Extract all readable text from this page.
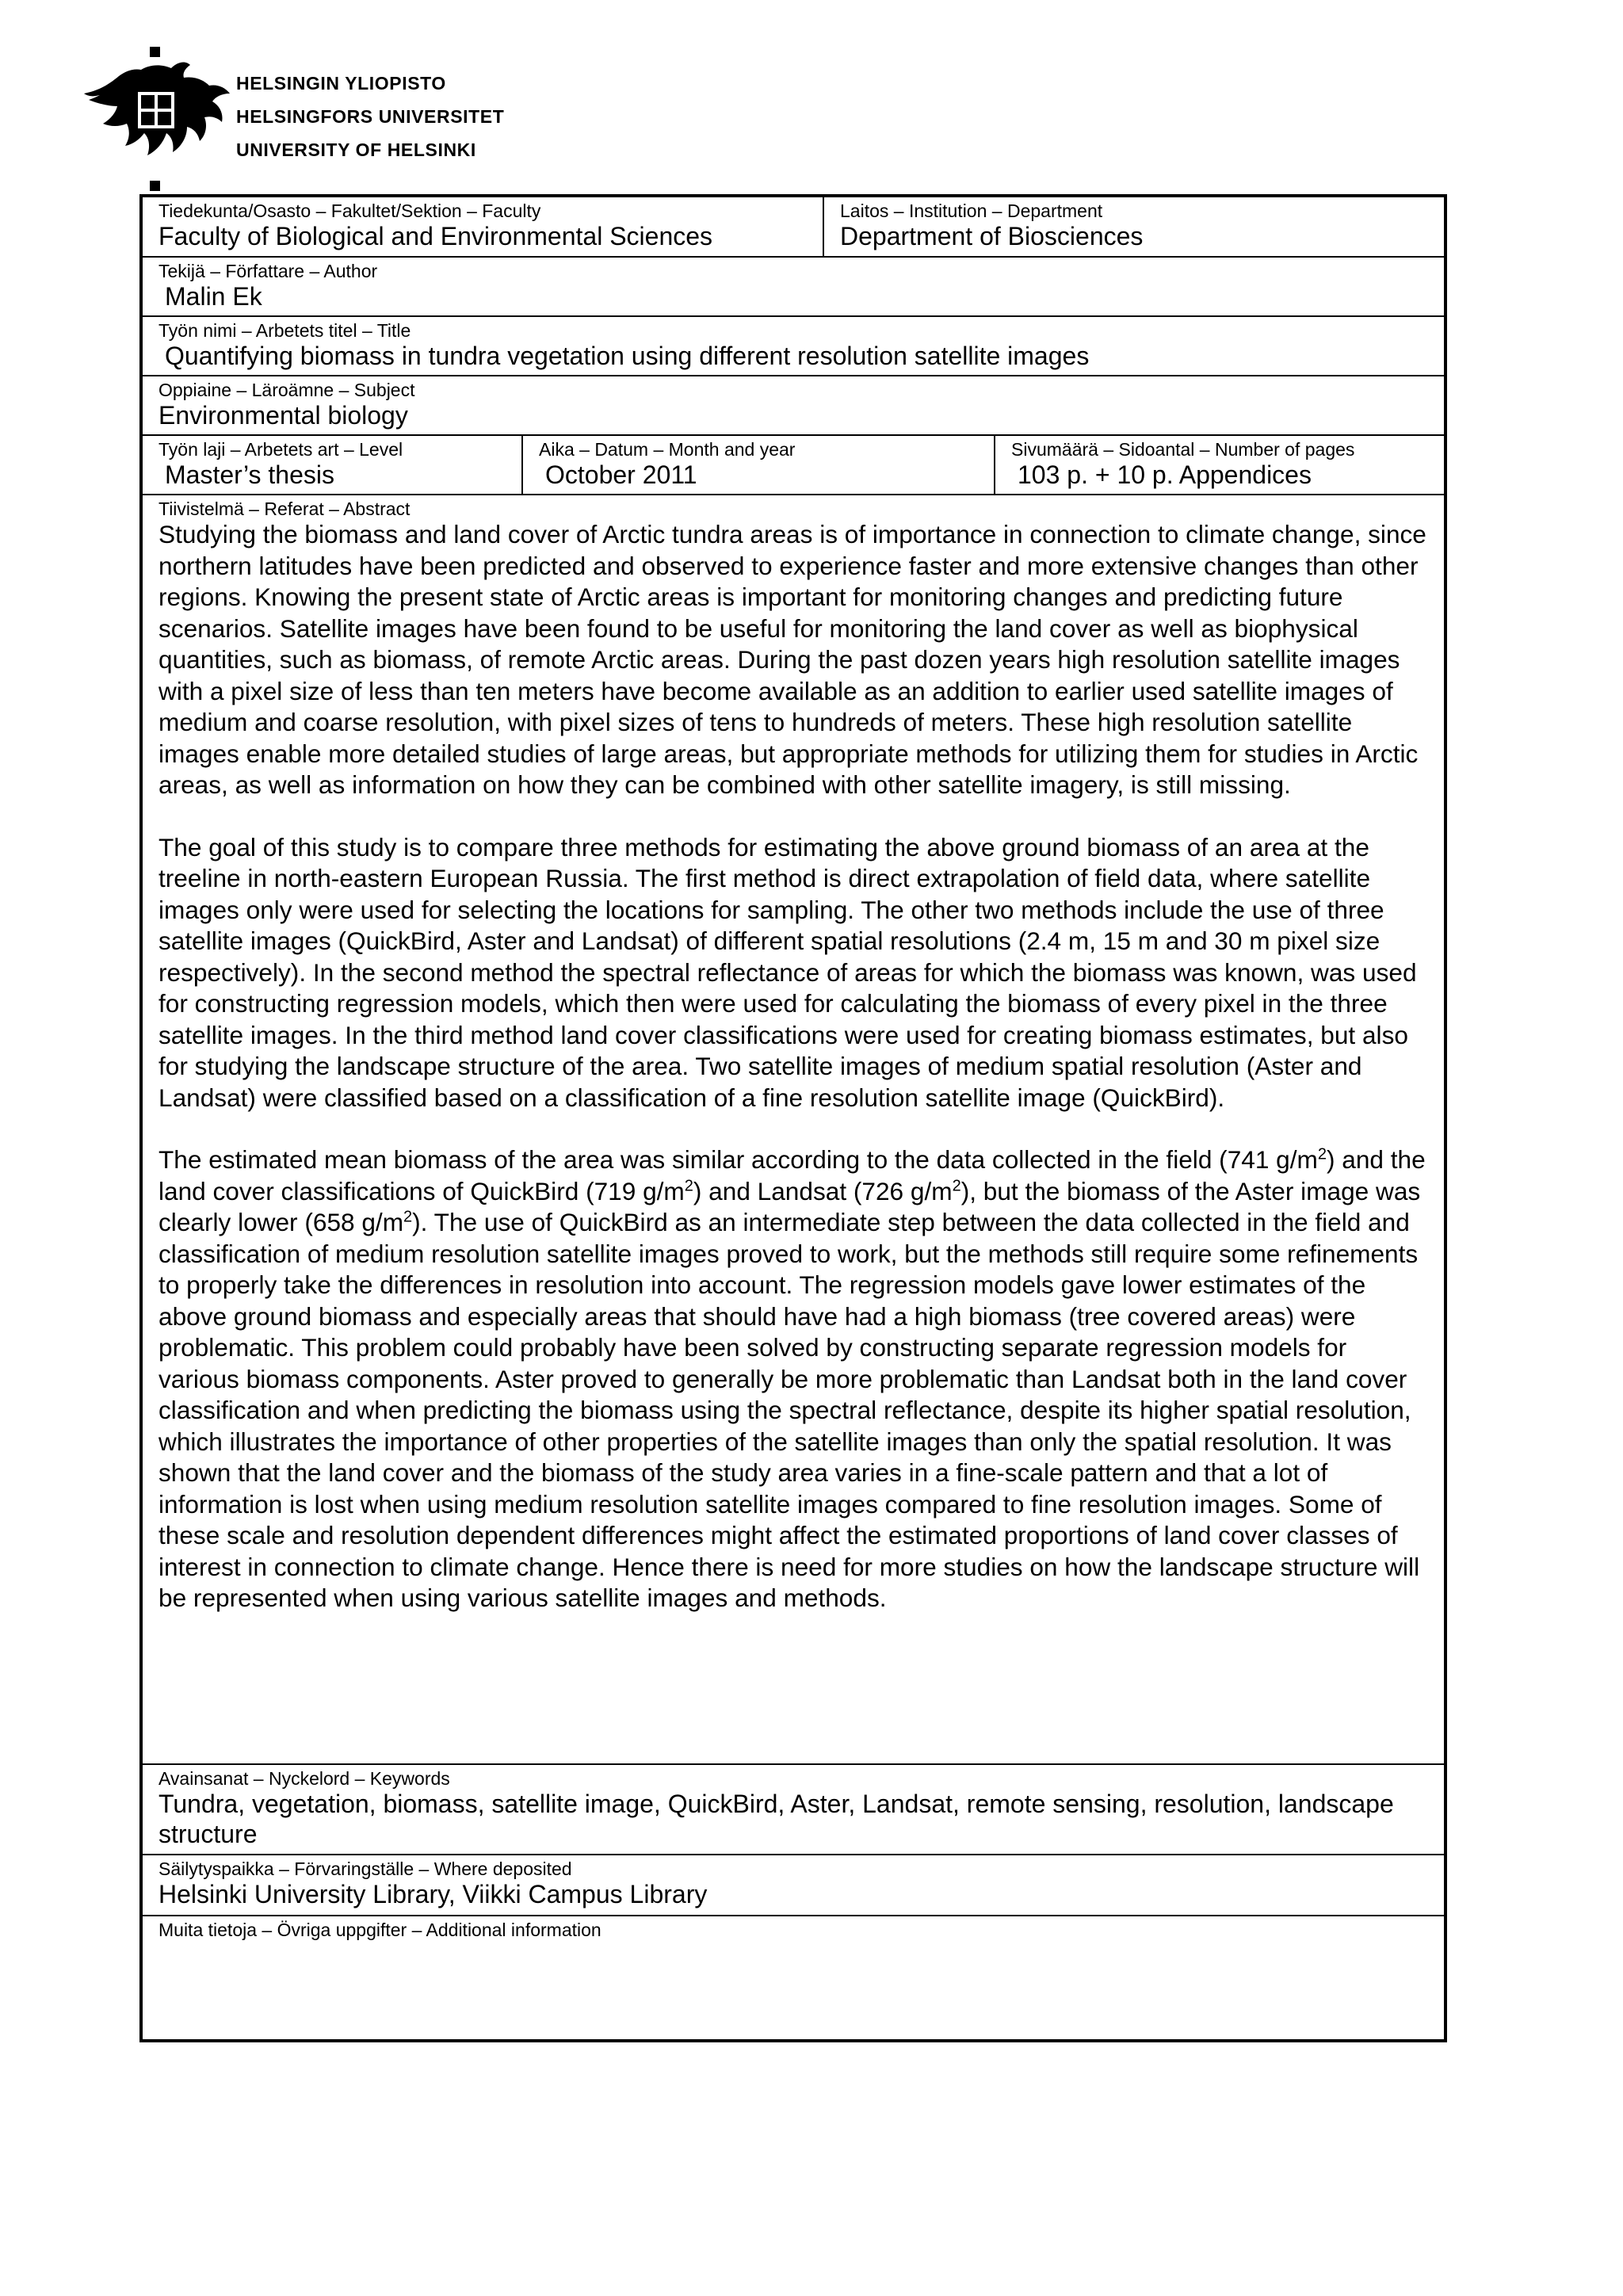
HELSINGIN YLIOPISTO
HELSINGFORS UNIVERSITET
UNIVERSITY OF HELSINKI
Tiedekunta/Osasto – Fakultet/Sektion – Faculty
Faculty of Biological and Environmental Sciences
Laitos – Institution – Department
Department of Biosciences
Tekijä – Författare – Author
Malin Ek
Työn nimi – Arbetets titel – Title
Quantifying biomass in tundra vegetation using different resolution satellite images
Oppiaine – Läroämne – Subject
Environmental biology
Työn laji – Arbetets art – Level
Master’s thesis
Aika – Datum – Month and year
October 2011
Sivumäärä – Sidoantal – Number of pages
103 p. + 10 p. Appendices
Tiivistelmä – Referat – Abstract

Studying the biomass and land cover of Arctic tundra areas is of importance in connection to climate change, since northern latitudes have been predicted and observed to experience faster and more extensive changes than other regions. Knowing the present state of Arctic areas is important for monitoring changes and predicting future scenarios. Satellite images have been found to be useful for monitoring the land cover as well as biophysical quantities, such as biomass, of remote Arctic areas. During the past dozen years high resolution satellite images with a pixel size of less than ten meters have become available as an addition to earlier used satellite images of medium and coarse resolution, with pixel sizes of tens to hundreds of meters. These high resolution satellite images enable more detailed studies of large areas, but appropriate methods for utilizing them for studies in Arctic areas, as well as information on how they can be combined with other satellite imagery, is still missing.

The goal of this study is to compare three methods for estimating the above ground biomass of an area at the treeline in north-eastern European Russia. The first method is direct extrapolation of field data, where satellite images only were used for selecting the locations for sampling. The other two methods include the use of three satellite images (QuickBird, Aster and Landsat) of different spatial resolutions (2.4 m, 15 m and 30 m pixel size respectively). In the second method the spectral reflectance of areas for which the biomass was known, was used for constructing regression models, which then were used for calculating the biomass of every pixel in the three satellite images. In the third method land cover classifications were used for creating biomass estimates, but also for studying the landscape structure of the area. Two satellite images of medium spatial resolution (Aster and Landsat) were classified based on a classification of a fine resolution satellite image (QuickBird).

The estimated mean biomass of the area was similar according to the data collected in the field (741 $g/m^2$) and the land cover classifications of QuickBird (719 $g/m^2$) and Landsat (726 $g/m^2$), but the biomass of the Aster image was clearly lower (658 $g/m^2$). The use of QuickBird as an intermediate step between the data collected in the field and classification of medium resolution satellite images proved to work, but the methods still require some refinements to properly take the differences in resolution into account. The regression models gave lower estimates of the above ground biomass and especially areas that should have had a high biomass (tree covered areas) were problematic. This problem could probably have been solved by constructing separate regression models for various biomass components. Aster proved to generally be more problematic than Landsat both in the land cover classification and when predicting the biomass using the spectral reflectance, despite its higher spatial resolution, which illustrates the importance of other properties of the satellite images than only the spatial resolution. It was shown that the land cover and the biomass of the study area varies in a fine-scale pattern and that a lot of information is lost when using medium resolution satellite images compared to fine resolution images. Some of these scale and resolution dependent differences might affect the estimated proportions of land cover classes of interest in connection to climate change. Hence there is need for more studies on how the landscape structure will be represented when using various satellite images and methods.

Avainsanat – Nyckelord – Keywords
Tundra, vegetation, biomass, satellite image, QuickBird, Aster, Landsat, remote sensing, resolution, landscape structure
Säilytyspaikka – Förvaringställe – Where deposited
Helsinki University Library, Viikki Campus Library
Muita tietoja – Övriga uppgifter – Additional information
